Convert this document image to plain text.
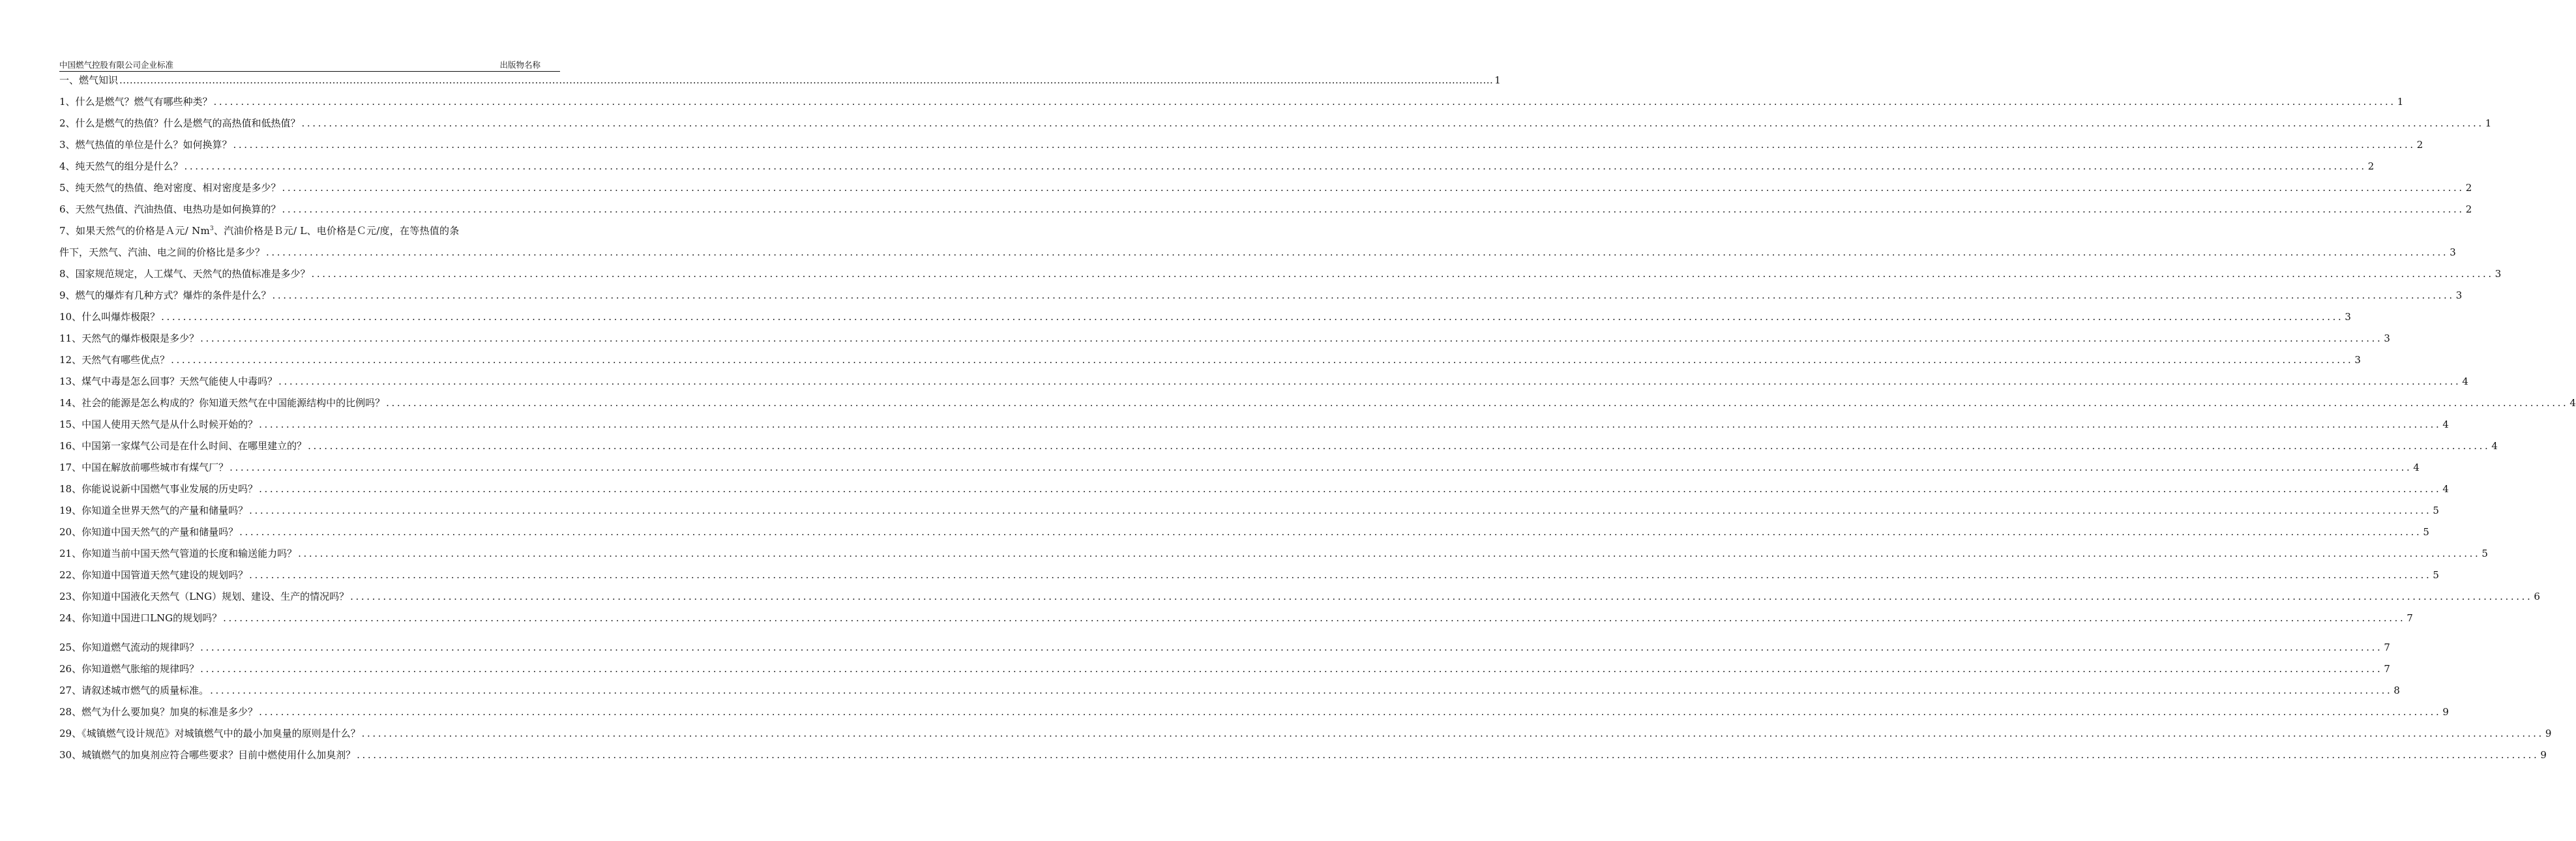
中国燃气控股有限公司企业标准	出版物名称
一、燃气知识 ................................................................................................................................................................................................................................................................................................................................................................................................................ 1
1、什么是燃气？燃气有哪些种类？ ................................................................................................................................................................................................................................................................................................................................................................................................................ 1
2、什么是燃气的热值？什么是燃气的高热值和低热值？ ................................................................................................................................................................................................................................................................................................................................................................................................................ 1
3、燃气热值的单位是什么？如何换算？ ................................................................................................................................................................................................................................................................................................................................................................................................................ 2
4、纯天然气的组分是什么？ ................................................................................................................................................................................................................................................................................................................................................................................................................ 2
5、纯天然气的热值、绝对密度、相对密度是多少？ ................................................................................................................................................................................................................................................................................................................................................................................................................ 2
6、天然气热值、汽油热值、电热功是如何换算的？ ................................................................................................................................................................................................................................................................................................................................................................................................................ 2
7、如果天然气的价格是Ａ元/ Nm$^3$、汽油价格是Ｂ元/ L、电价格是Ｃ元/度，在等热值的条
件下，天然气、汽油、电之间的价格比是多少？ ................................................................................................................................................................................................................................................................................................................................................................................................................ 3
8、国家规范规定，人工煤气、天然气的热值标准是多少？ ................................................................................................................................................................................................................................................................................................................................................................................................................ 3
9、燃气的爆炸有几种方式？爆炸的条件是什么？ ................................................................................................................................................................................................................................................................................................................................................................................................................ 3
10、什么叫爆炸极限？ ................................................................................................................................................................................................................................................................................................................................................................................................................ 3
11、天然气的爆炸极限是多少？ ................................................................................................................................................................................................................................................................................................................................................................................................................ 3
12、天然气有哪些优点？ ................................................................................................................................................................................................................................................................................................................................................................................................................ 3
13、煤气中毒是怎么回事？天然气能使人中毒吗？ ................................................................................................................................................................................................................................................................................................................................................................................................................ 4
14、社会的能源是怎么构成的？你知道天然气在中国能源结构中的比例吗？ ................................................................................................................................................................................................................................................................................................................................................................................................................ 4
15、中国人使用天然气是从什么时候开始的？ ................................................................................................................................................................................................................................................................................................................................................................................................................ 4
16、中国第一家煤气公司是在什么时间、在哪里建立的？ ................................................................................................................................................................................................................................................................................................................................................................................................................ 4
17、中国在解放前哪些城市有煤气厂？ ................................................................................................................................................................................................................................................................................................................................................................................................................ 4
18、你能说说新中国燃气事业发展的历史吗？ ................................................................................................................................................................................................................................................................................................................................................................................................................ 4
19、你知道全世界天然气的产量和储量吗？ ................................................................................................................................................................................................................................................................................................................................................................................................................ 5
20、你知道中国天然气的产量和储量吗？ ................................................................................................................................................................................................................................................................................................................................................................................................................ 5
21、你知道当前中国天然气管道的长度和输送能力吗？ ................................................................................................................................................................................................................................................................................................................................................................................................................ 5
22、你知道中国管道天然气建设的规划吗？ ................................................................................................................................................................................................................................................................................................................................................................................................................ 5
23、你知道中国液化天然气（LNG）规划、建设、生产的情况吗？ ................................................................................................................................................................................................................................................................................................................................................................................................................ 6
24、你知道中国进口LNG的规划吗？ ................................................................................................................................................................................................................................................................................................................................................................................................................ 7
25、你知道燃气流动的规律吗？ ................................................................................................................................................................................................................................................................................................................................................................................................................ 7
26、你知道燃气胀缩的规律吗？ ................................................................................................................................................................................................................................................................................................................................................................................................................ 7
27、请叙述城市燃气的质量标准。 ................................................................................................................................................................................................................................................................................................................................................................................................................ 8
28、燃气为什么要加臭？加臭的标准是多少？ ................................................................................................................................................................................................................................................................................................................................................................................................................ 9
29、《城镇燃气设计规范》对城镇燃气中的最小加臭量的原则是什么？ ................................................................................................................................................................................................................................................................................................................................................................................................................ 9
30、城镇燃气的加臭剂应符合哪些要求？目前中燃使用什么加臭剂？ ................................................................................................................................................................................................................................................................................................................................................................................................................ 9
